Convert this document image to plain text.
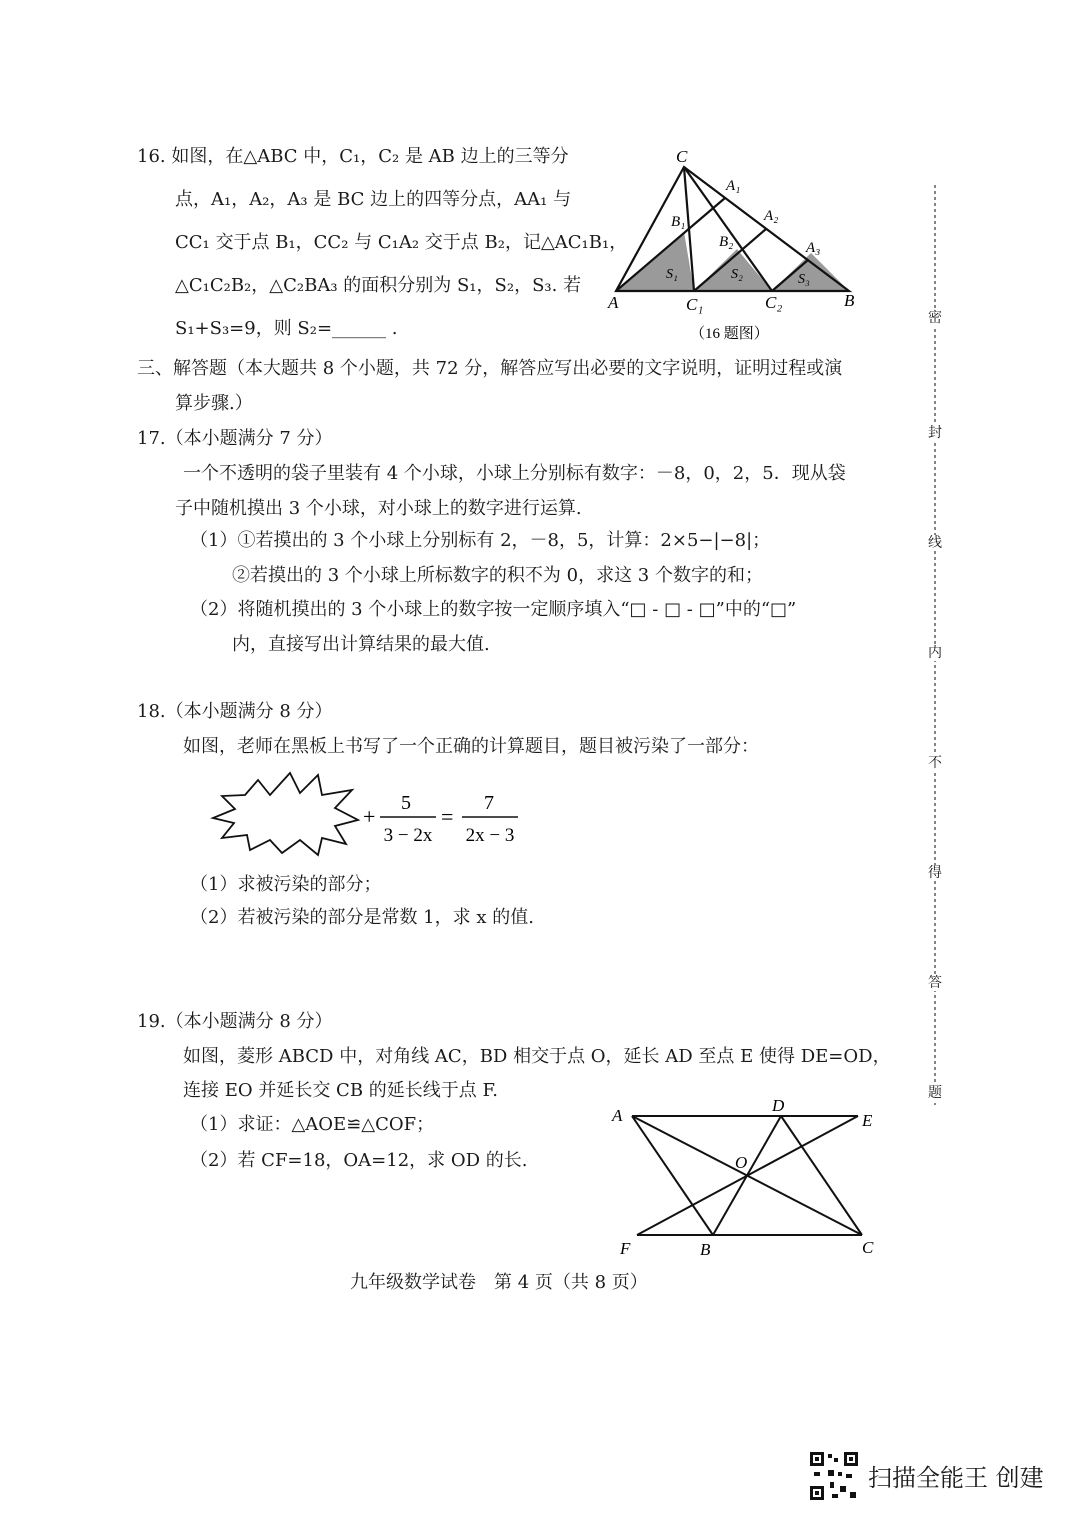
16. 如图，在△ABC 中，C₁，C₂ 是 AB 边上的三等分
点，A₁，A₂，A₃ 是 BC 边上的四等分点，AA₁ 与
CC₁ 交于点 B₁，CC₂ 与 C₁A₂ 交于点 B₂，记△AC₁B₁，
△C₁C₂B₂，△C₂BA₃ 的面积分别为 S₁，S₂，S₃. 若
S₁+S₃=9，则 S₂=______ .
C
A₁
B₁	A₂
B₂	A₃
S₁	S₂	S₃
A	C₁	C₂	B
（16 题图）
三、解答题（本大题共 8 个小题，共 72 分，解答应写出必要的文字说明，证明过程或演
算步骤.）
17.（本小题满分 7 分）
一个不透明的袋子里装有 4 个小球，小球上分别标有数字：－8，0，2，5．现从袋
子中随机摸出 3 个小球，对小球上的数字进行运算.
（1）①若摸出的 3 个小球上分别标有 2，－8，5，计算：2×5−|−8|；
②若摸出的 3 个小球上所标数字的积不为 0，求这 3 个数字的和；
（2）将随机摸出的 3 个小球上的数字按一定顺序填入“□ - □ - □”中的“□”
内，直接写出计算结果的最大值.
18.（本小题满分 8 分）
如图，老师在黑板上书写了一个正确的计算题目，题目被污染了一部分：
+
5
3 − 2x
=
7
2x − 3
（1）求被污染的部分；
（2）若被污染的部分是常数 1，求 x 的值.
19.（本小题满分 8 分）
如图，菱形 ABCD 中，对角线 AC，BD 相交于点 O，延长 AD 至点 E 使得 DE=OD，
连接 EO 并延长交 CB 的延长线于点 F.
（1）求证：△AOE≌△COF；
（2）若 CF=18，OA=12，求 OD 的长.
A
D
E
O
F	B	C
密
封
线
内
不
得
答
题
九年级数学试卷　第 4 页（共 8 页）
扫描全能王 创建
